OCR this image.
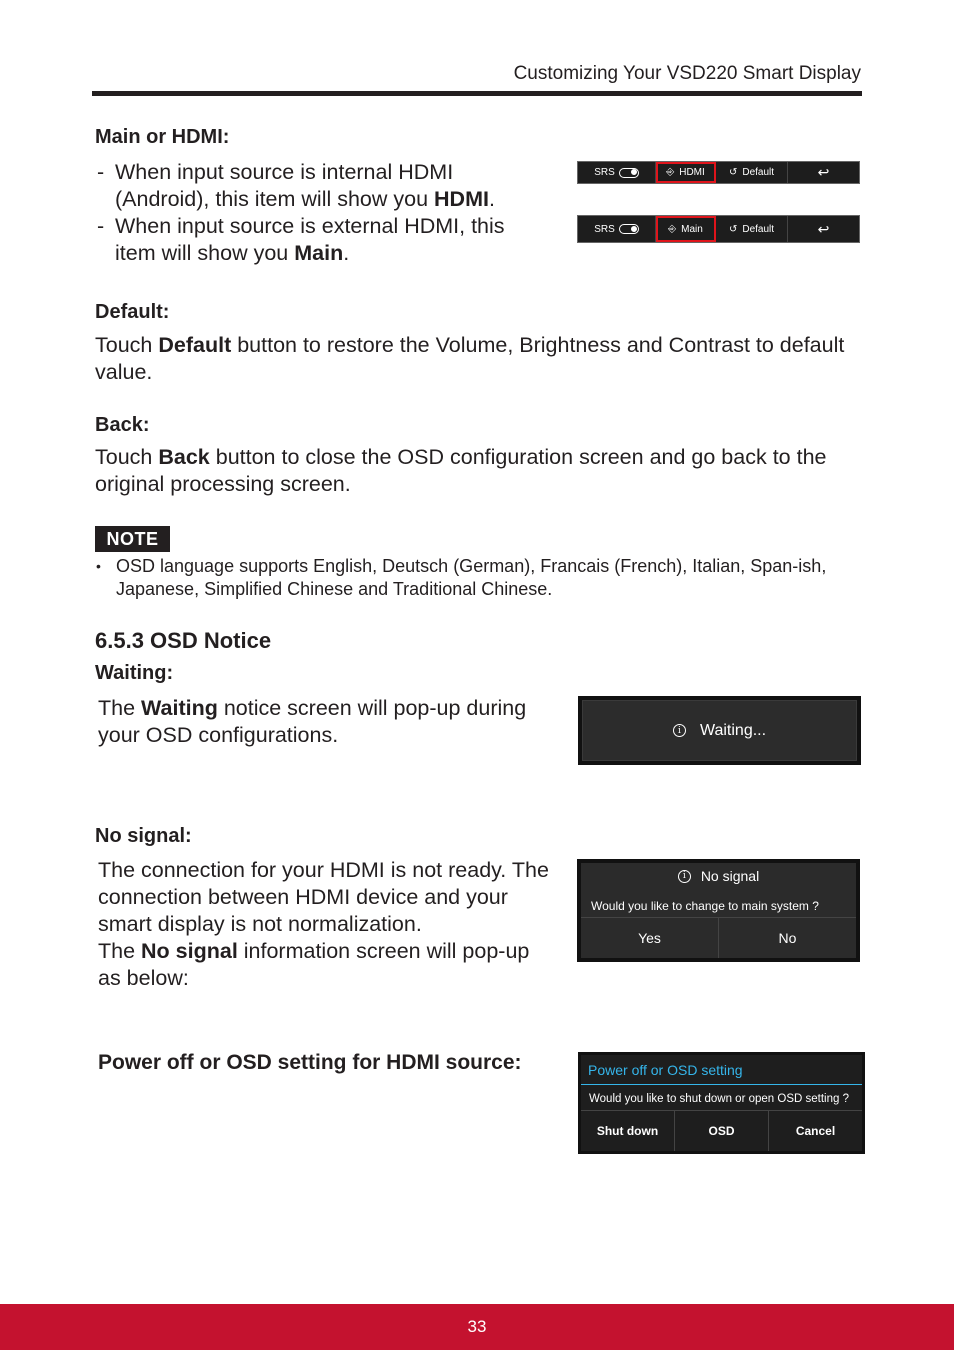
Customizing Your VSD220 Smart Display
Main or HDMI:
- When input source is internal HDMI (Android), this item will show you HDMI.
- When input source is external HDMI, this item will show you Main.
SRS	⎆ HDMI ↺ Default	↩
SRS	⎆ Main	↺ Default	↩
Default:

Touch Default button to restore the Volume, Brightness and Contrast to default value.

Back:

Touch Back button to close the OSD configuration screen and go back to the original processing screen.

NOTE
• OSD language supports English, Deutsch (German), Francais (French), Italian, Span-ish, Japanese, Simplified Chinese and Traditional Chinese.
6.5.3 OSD Notice
Waiting:

The Waiting notice screen will pop-up during your OSD configurations.	i	Waiting...
No signal:

The connection for your HDMI is not ready. The connection between HDMI device and your smart display is not normalization.
The No signal information screen will pop-up as below:

i	No signal
Would you like to change to main system ?
Yes	No
Power off or OSD setting for HDMI source:	Power off or OSD setting
Would you like to shut down or open OSD setting ?
Shut down	OSD	Cancel
33
